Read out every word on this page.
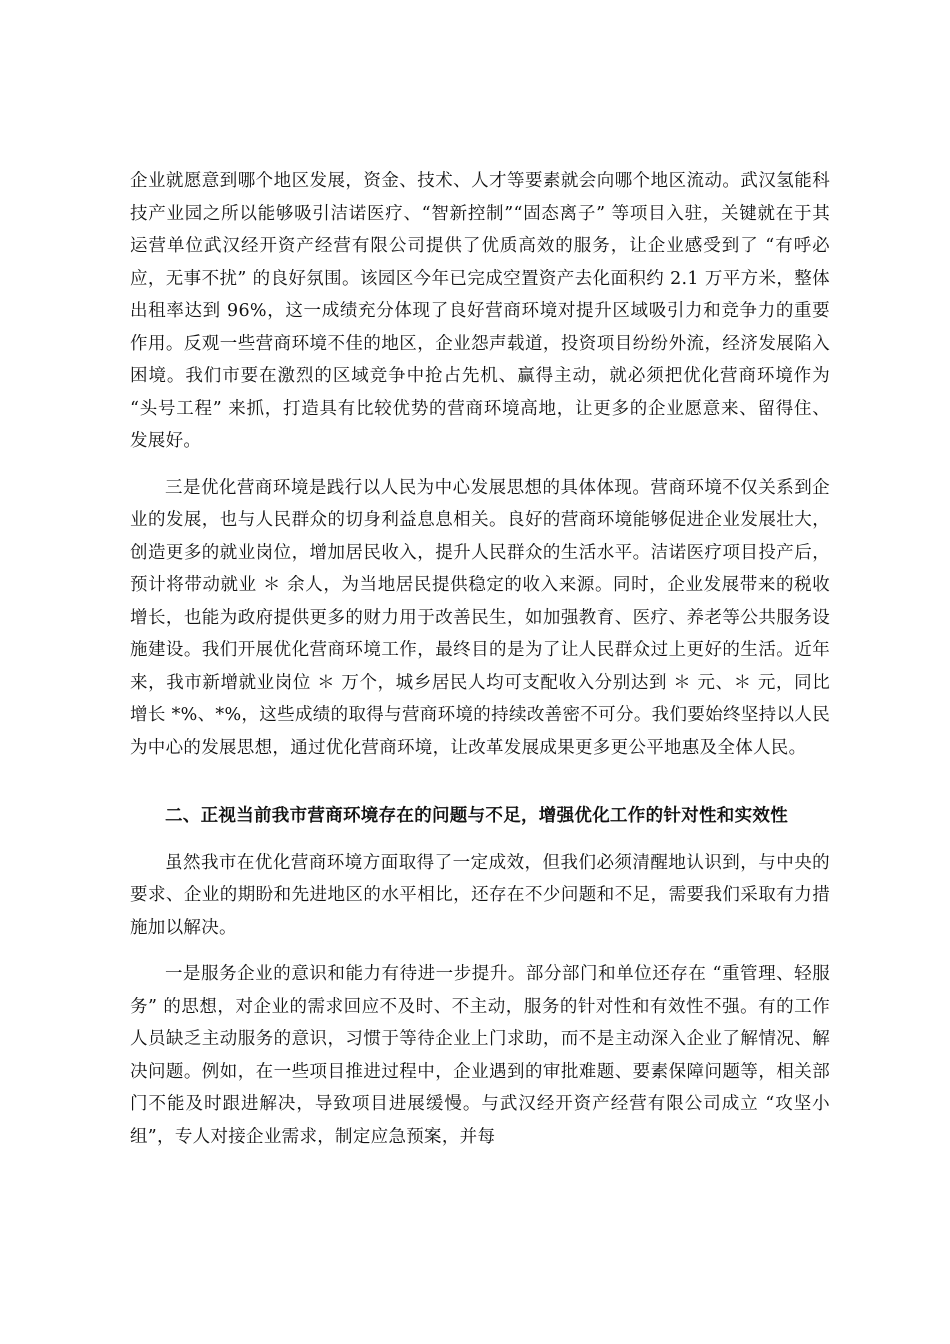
企业就愿意到哪个地区发展，资金、技术、人才等要素就会向哪个地区流动。武汉氢能科技产业园之所以能够吸引洁诺医疗、“智新控制”“固态离子” 等项目入驻，关键就在于其运营单位武汉经开资产经营有限公司提供了优质高效的服务，让企业感受到了 “有呼必应，无事不扰” 的良好氛围。该园区今年已完成空置资产去化面积约 2.1 万平方米，整体出租率达到 96%，这一成绩充分体现了良好营商环境对提升区域吸引力和竞争力的重要作用。反观一些营商环境不佳的地区，企业怨声载道，投资项目纷纷外流，经济发展陷入困境。我们市要在激烈的区域竞争中抢占先机、赢得主动，就必须把优化营商环境作为 “头号工程” 来抓，打造具有比较优势的营商环境高地，让更多的企业愿意来、留得住、发展好。

三是优化营商环境是践行以人民为中心发展思想的具体体现。营商环境不仅关系到企业的发展，也与人民群众的切身利益息息相关。良好的营商环境能够促进企业发展壮大，创造更多的就业岗位，增加居民收入，提升人民群众的生活水平。洁诺医疗项目投产后，预计将带动就业 ＊ 余人，为当地居民提供稳定的收入来源。同时，企业发展带来的税收增长，也能为政府提供更多的财力用于改善民生，如加强教育、医疗、养老等公共服务设施建设。我们开展优化营商环境工作，最终目的是为了让人民群众过上更好的生活。近年来，我市新增就业岗位 ＊ 万个，城乡居民人均可支配收入分别达到 ＊ 元、＊ 元，同比增长 *%、*%，这些成绩的取得与营商环境的持续改善密不可分。我们要始终坚持以人民为中心的发展思想，通过优化营商环境，让改革发展成果更多更公平地惠及全体人民。

二、正视当前我市营商环境存在的问题与不足，增强优化工作的针对性和实效性

虽然我市在优化营商环境方面取得了一定成效，但我们必须清醒地认识到，与中央的要求、企业的期盼和先进地区的水平相比，还存在不少问题和不足，需要我们采取有力措施加以解决。

一是服务企业的意识和能力有待进一步提升。部分部门和单位还存在 “重管理、轻服务” 的思想，对企业的需求回应不及时、不主动，服务的针对性和有效性不强。有的工作人员缺乏主动服务的意识，习惯于等待企业上门求助，而不是主动深入企业了解情况、解决问题。例如，在一些项目推进过程中，企业遇到的审批难题、要素保障问题等，相关部门不能及时跟进解决，导致项目进展缓慢。与武汉经开资产经营有限公司成立 “攻坚小组”，专人对接企业需求，制定应急预案，并每
